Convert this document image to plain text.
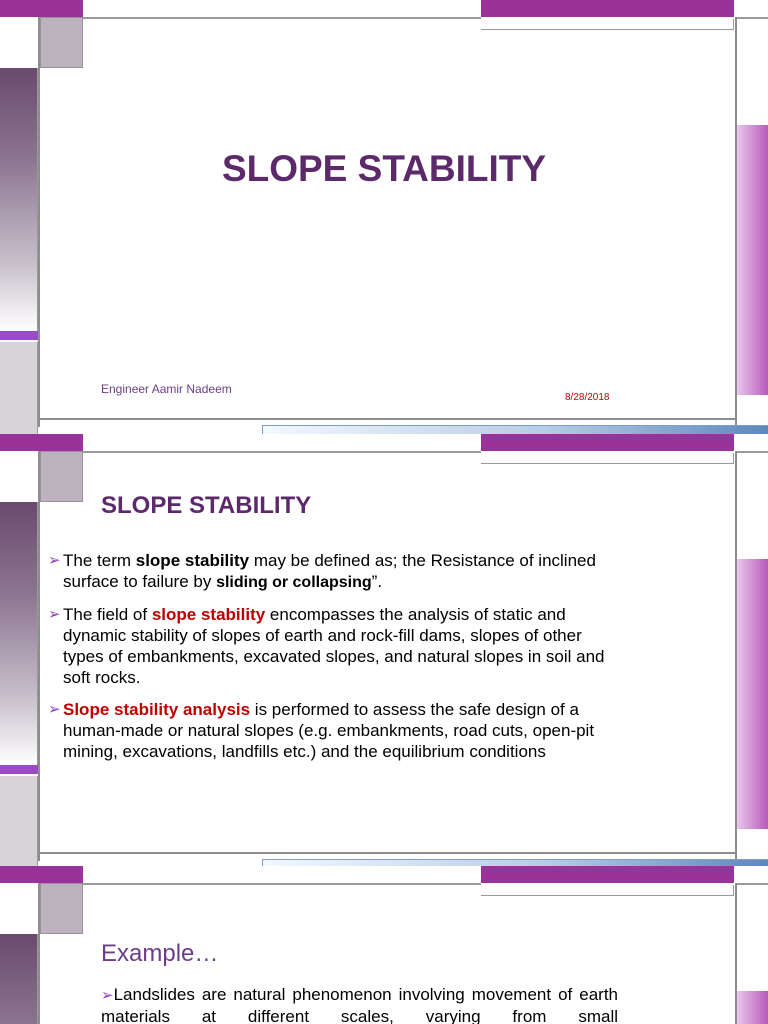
SLOPE STABILITY
Engineer Aamir Nadeem
8/28/2018
SLOPE STABILITY
➢ The term slope stability may be defined as; the Resistance of inclined surface to failure by sliding or collapsing”.
➢ The field of slope stability encompasses the analysis of static and dynamic stability of slopes of earth and rock-fill dams, slopes of other types of embankments, excavated slopes, and natural slopes in soil and soft rocks.
➢ Slope stability analysis is performed to assess the safe design of a human-made or natural slopes (e.g. embankments, road cuts, open-pit mining, excavations, landfills etc.) and the equilibrium conditions
Example…
➢Landslides are natural phenomenon involving movement of earth materials at different scales, varying from small
